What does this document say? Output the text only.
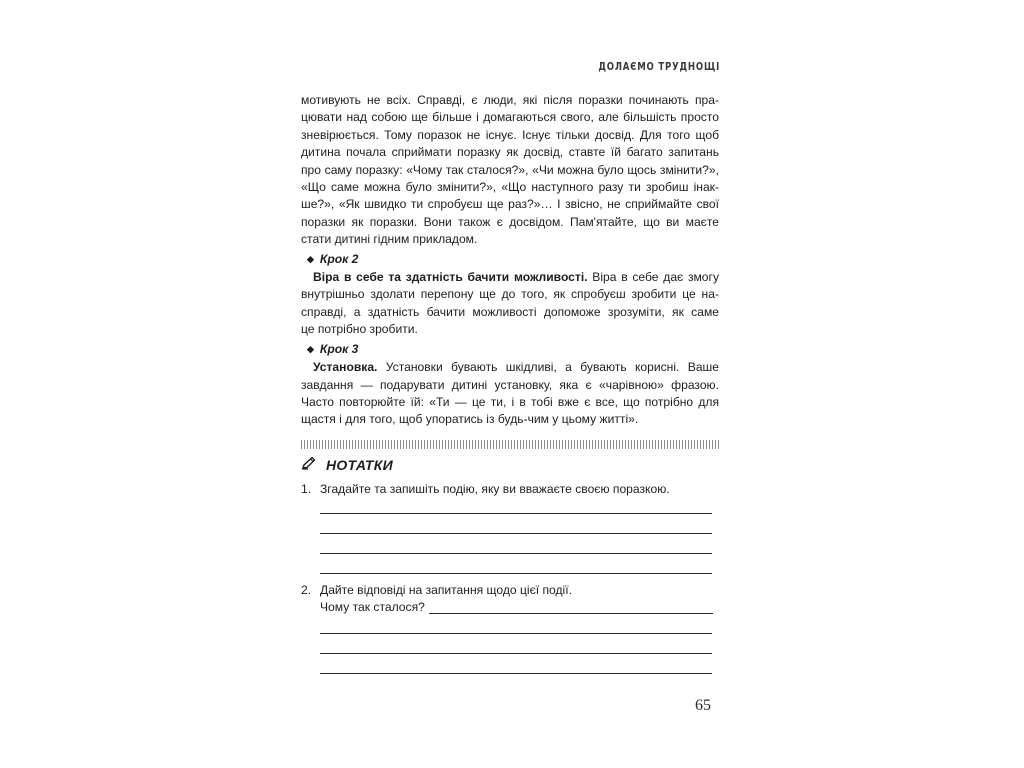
ДОЛАЄМО ТРУДНОЩІ
мотивують не всіх. Справді, є люди, які після поразки починають пра-
цювати над собою ще більше і домагаються свого, але більшість просто
зневірюється. Тому поразок не існує. Існує тільки досвід. Для того щоб
дитина почала сприймати поразку як досвід, ставте їй багато запитань
про саму поразку: «Чому так сталося?», «Чи можна було щось змінити?»,
«Що саме можна було змінити?», «Що наступного разу ти зробиш інак-
ше?», «Як швидко ти спробуєш ще раз?»… І звісно, не сприймайте свої
поразки як поразки. Вони також є досвідом. Пам'ятайте, що ви маєте
стати дитині гідним прикладом.
◆ Крок 2
Віра в себе та здатність бачити можливості. Віра в себе дає змогу
внутрішньо здолати перепону ще до того, як спробуєш зробити це на-
справді, а здатність бачити можливості допоможе зрозуміти, як саме
це потрібно зробити.
◆ Крок 3
Установка. Установки бувають шкідливі, а бувають корисні. Ваше
завдання — подарувати дитині установку, яка є «чарівною» фразою.
Часто повторюйте їй: «Ти — це ти, і в тобі вже є все, що потрібно для
щастя і для того, щоб упоратись із будь-чим у цьому житті».
НОТАТКИ
1. Згадайте та запишіть подію, яку ви вважаєте своєю поразкою.
2. Дайте відповіді на запитання щодо цієї події.
Чому так сталося?
65
